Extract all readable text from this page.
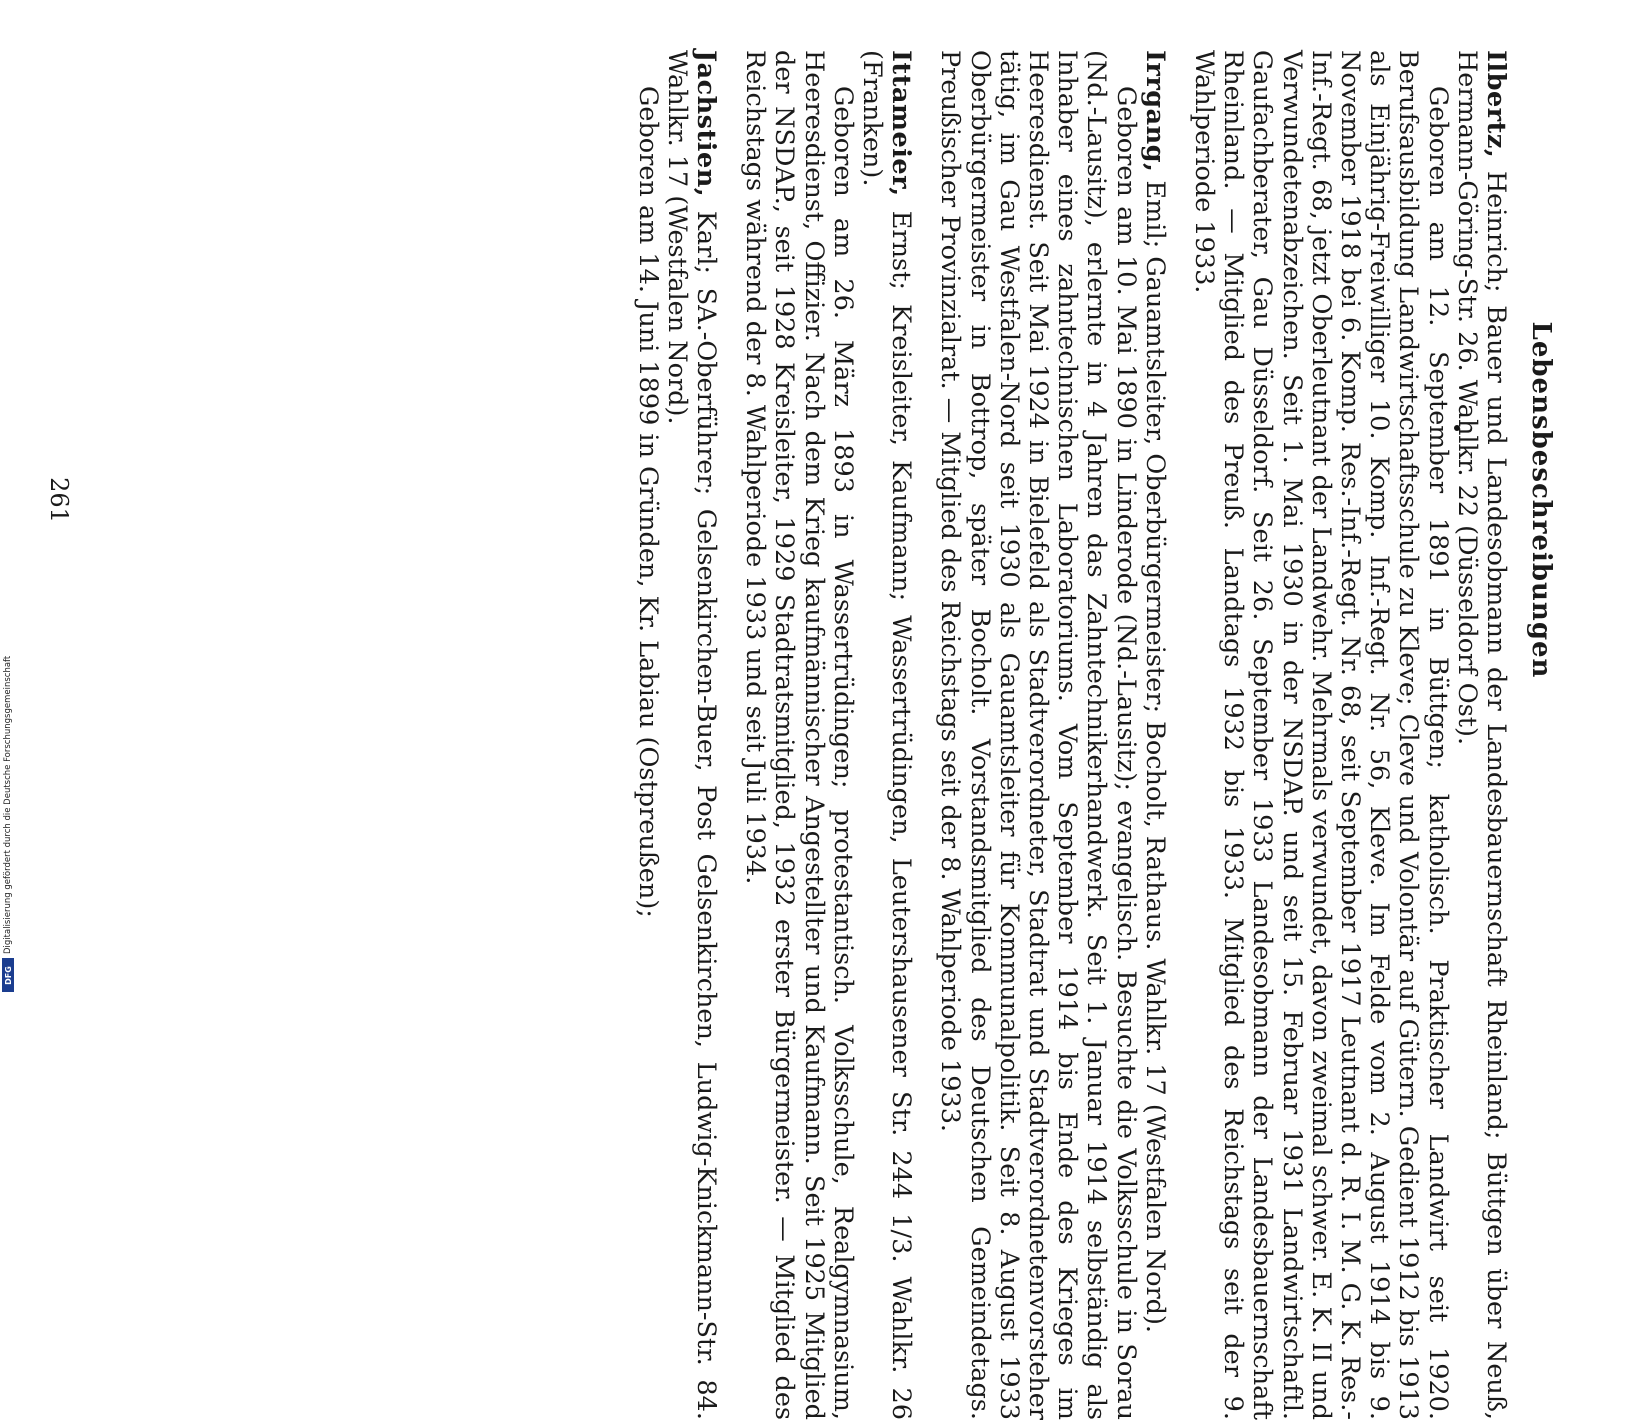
Lebensbeschreibungen

Ilbertz, Heinrich; Bauer und Landesobmann der Landesbauernschaft Rheinland; Büttgen über Neuß, Hermann-Göring-Str. 26. Wahlkr. 22 (Düsseldorf Ost).

Geboren am 12. September 1891 in Büttgen; katholisch. Praktischer Landwirt seit 1920. Berufsausbildung Landwirtschaftsschule zu Kleve; Cleve und Volontär auf Gütern. Gedient 1912 bis 1913 als Einjährig-Freiwilliger 10. Komp. Inf.-Regt. Nr. 56, Kleve. Im Felde vom 2. August 1914 bis 9. November 1918 bei 6. Komp. Res.-Inf.-Regt. Nr. 68, seit September 1917 Leutnant d. R. I. M. G. K. Res.-Inf.-Regt. 68, jetzt Oberleutnant der Landwehr. Mehrmals verwundet, davon zweimal schwer. E. K. II und Verwundetenabzeichen. Seit 1. Mai 1930 in der NSDAP. und seit 15. Februar 1931 Landwirtschaftl. Gaufachberater, Gau Düsseldorf. Seit 26. September 1933 Landesobmann der Landesbauernschaft Rheinland. — Mitglied des Preuß. Landtags 1932 bis 1933. Mitglied des Reichstags seit der 9. Wahlperiode 1933.

Irrgang, Emil; Gauamtsleiter, Oberbürgermeister; Bocholt, Rathaus. Wahlkr. 17 (Westfalen Nord).

Geboren am 10. Mai 1890 in Linderode (Nd.-Lausitz); evangelisch. Besuchte die Volksschule in Sorau (Nd.-Lausitz), erlernte in 4 Jahren das Zahntechnikerhandwerk. Seit 1. Januar 1914 selbständig als Inhaber eines zahntechnischen Laboratoriums. Vom September 1914 bis Ende des Krieges im Heeresdienst. Seit Mai 1924 in Bielefeld als Stadtverordneter, Stadtrat und Stadtverordnetenvorsteher tätig, im Gau Westfalen-Nord seit 1930 als Gauamtsleiter für Kommunalpolitik. Seit 8. August 1933 Oberbürgermeister in Bottrop, später Bocholt. Vorstandsmitglied des Deutschen Gemeindetags. Preußischer Provinzialrat. — Mitglied des Reichstags seit der 8. Wahlperiode 1933.

Ittameier, Ernst; Kreisleiter, Kaufmann; Wassertrüdingen, Leutershausener Str. 244 1/3. Wahlkr. 26 (Franken).

Geboren am 26. März 1893 in Wassertrüdingen; protestantisch. Volksschule, Realgymnasium, Heeresdienst, Offizier. Nach dem Krieg kaufmännischer Angestellter und Kaufmann. Seit 1925 Mitglied der NSDAP., seit 1928 Kreisleiter, 1929 Stadtratsmitglied, 1932 erster Bürgermeister. — Mitglied des Reichstags während der 8. Wahlperiode 1933 und seit Juli 1934.

Jachstien, Karl; SA.-Oberführer; Gelsenkirchen-Buer, Post Gelsenkirchen, Ludwig-Knickmann-Str. 84. Wahlkr. 17 (Westfalen Nord).

Geboren am 14. Juni 1899 in Gründen, Kr. Labiau (Ostpreußen);

261
Digitalisierung gefördert durch die Deutsche Forschungsgemeinschaft
DFG
